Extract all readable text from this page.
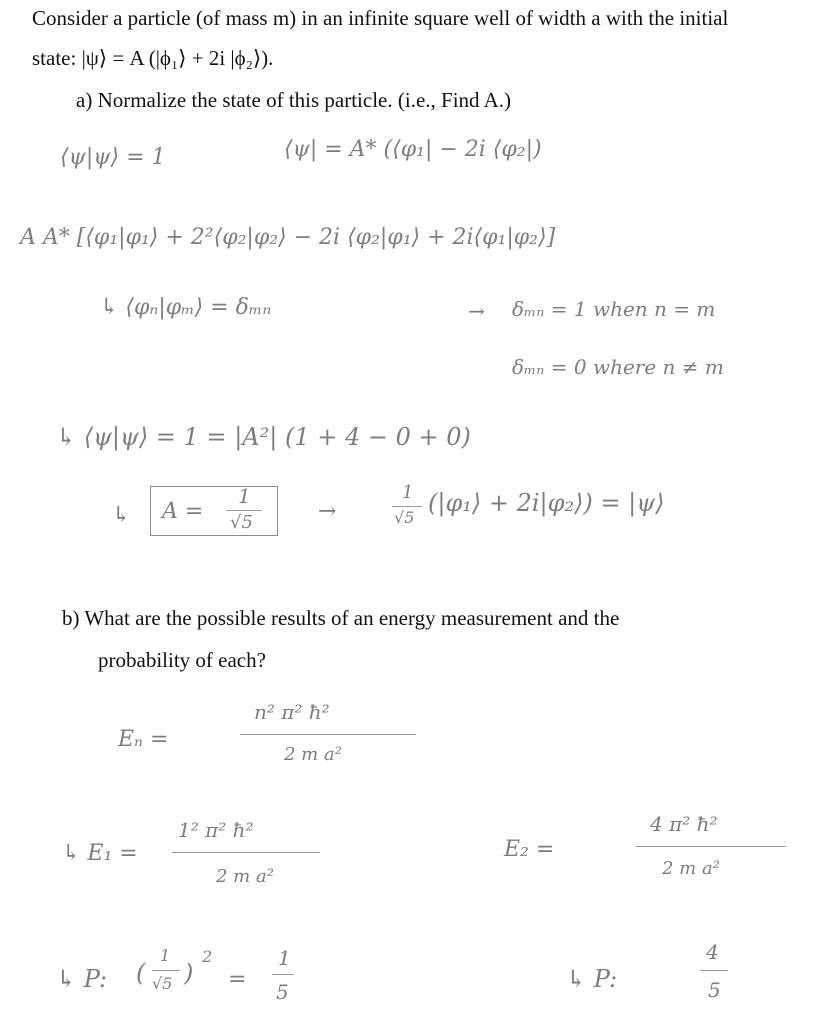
Consider a particle (of mass m) in an infinite square well of width a with the initial
state: |ψ⟩ = A (|ϕ₁⟩ + 2i |ϕ₂⟩).
a) Normalize the state of this particle. (i.e., Find A.)
⟨ψ|ψ⟩ = 1	⟨ψ| = A* (⟨φ₁| − 2i ⟨φ₂|)
A A* [⟨φ₁|φ₁⟩ + 2²⟨φ₂|φ₂⟩ − 2i ⟨φ₂|φ₁⟩ + 2i⟨φ₁|φ₂⟩]
↳ ⟨φₙ|φₘ⟩ = δₘₙ	→ δₘₙ = 1 when n = m
δₘₙ = 0 where n ≠ m
↳ ⟨ψ|ψ⟩ = 1 = |A²| (1 + 4 − 0 + 0)
↳ A =
1
√5	→
1
√5
(|φ₁⟩ + 2i|φ₂⟩) = |ψ⟩
b) What are the possible results of an energy measurement and the
probability of each?
Eₙ =
n² π² ħ²
2 m a²
↳ E₁ =
1² π² ħ²
2 m a²
E₂ =
4 π² ħ²
2 m a²
↳ P: (
1
√5 )
2
=
1
5	↳ P:
4
5
